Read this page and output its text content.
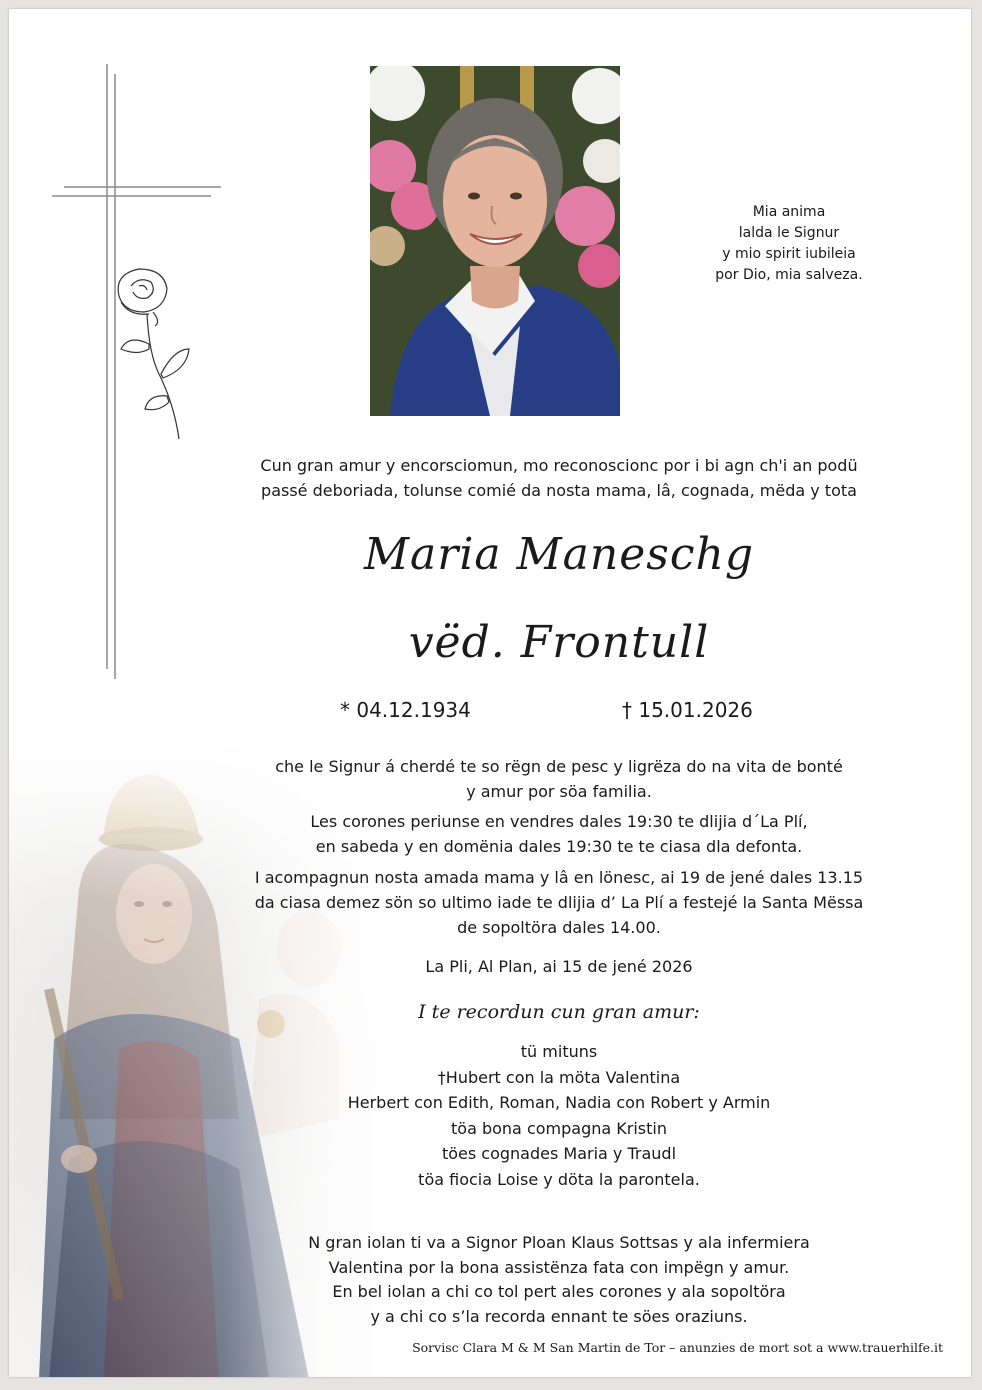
Mia anima
lalda le Signur
y mio spirit iubileia
por Dio, mia salveza.
Cun gran amur y encorsciomun, mo reconoscionc por i bi agn ch'i an podü
passé deboriada, tolunse comié da nosta mama, lâ, cognada, mëda y tota
Maria Maneschg
vëd. Frontull
* 04.12.1934	† 15.01.2026
che le Signur á cherdé te so rëgn de pesc y ligrëza do na vita de bonté
y amur por söa familia.
Les corones periunse en vendres dales 19:30 te dlijia d´La Plí,
en sabeda y en domënia dales 19:30 te te ciasa dla defonta.
I acompagnun nosta amada mama y lâ en lönesc, ai 19 de jené dales 13.15
da ciasa demez sön so ultimo iade te dlijia d’ La Plí a festejé la Santa Mëssa
de sopoltöra dales 14.00.
La Pli, Al Plan, ai 15 de jené 2026
I te recordun cun gran amur:
tü mituns
†Hubert con la möta Valentina
Herbert con Edith, Roman, Nadia con Robert y Armin
töa bona compagna Kristin
töes cognades Maria y Traudl
töa fiocia Loise y döta la parontela.
N gran iolan ti va a Signor Ploan Klaus Sottsas y ala infermiera
Valentina por la bona assistënza fata con impëgn y amur.
En bel iolan a chi co tol pert ales corones y ala sopoltöra
y a chi co s’la recorda ennant te söes oraziuns.
Sorvisc Clara M & M San Martin de Tor – anunzies de mort sot a www.trauerhilfe.it
